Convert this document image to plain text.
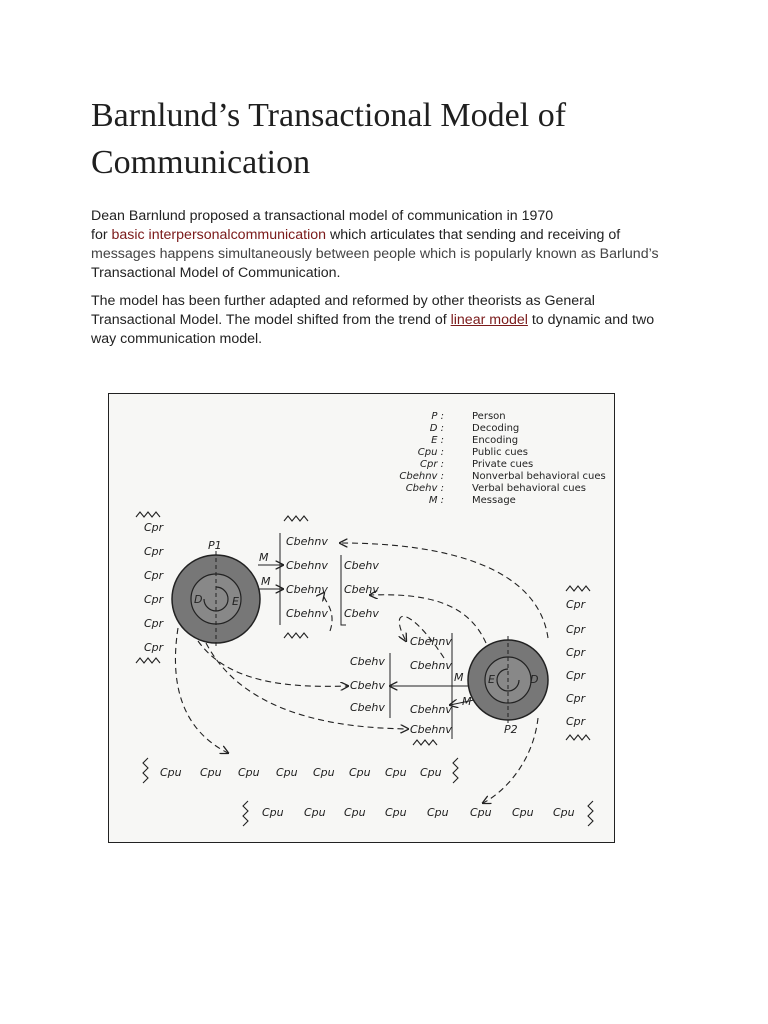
Barnlund’s Transactional Model of Communication
Dean Barnlund proposed a transactional model of communication in 1970
for basic interpersonalcommunication which articulates that sending and receiving of
messages happens simultaneously between people which is popularly known as Barlund’s
Transactional Model of Communication.
The model has been further adapted and reformed by other theorists as General
Transactional Model. The model shifted from the trend of linear model to dynamic and two
way communication model.
P :	Person
D :	Decoding
E :	Encoding
Cpu :	Public cues
Cpr :	Private cues
Cbehnv :	Nonverbal behavioral cues
Cbehv :	Verbal behavioral cues
M :	Message
D	E
P1
E	D
P2
Cpr
Cpr
Cpr
Cpr
Cpr
Cpr
Cpr
Cpr
Cpr
Cpr
Cpr
Cpr
Cbehnv
Cbehnv
Cbehnv
Cbehnv
Cbehv
Cbehv
Cbehv
Cbehnv
Cbehnv
Cbehnv
Cbehnv
Cbehv
Cbehv
Cbehv
Cpu Cpu Cpu Cpu Cpu Cpu Cpu Cpu
Cpu Cpu Cpu Cpu Cpu Cpu Cpu Cpu
M
M
M
M
